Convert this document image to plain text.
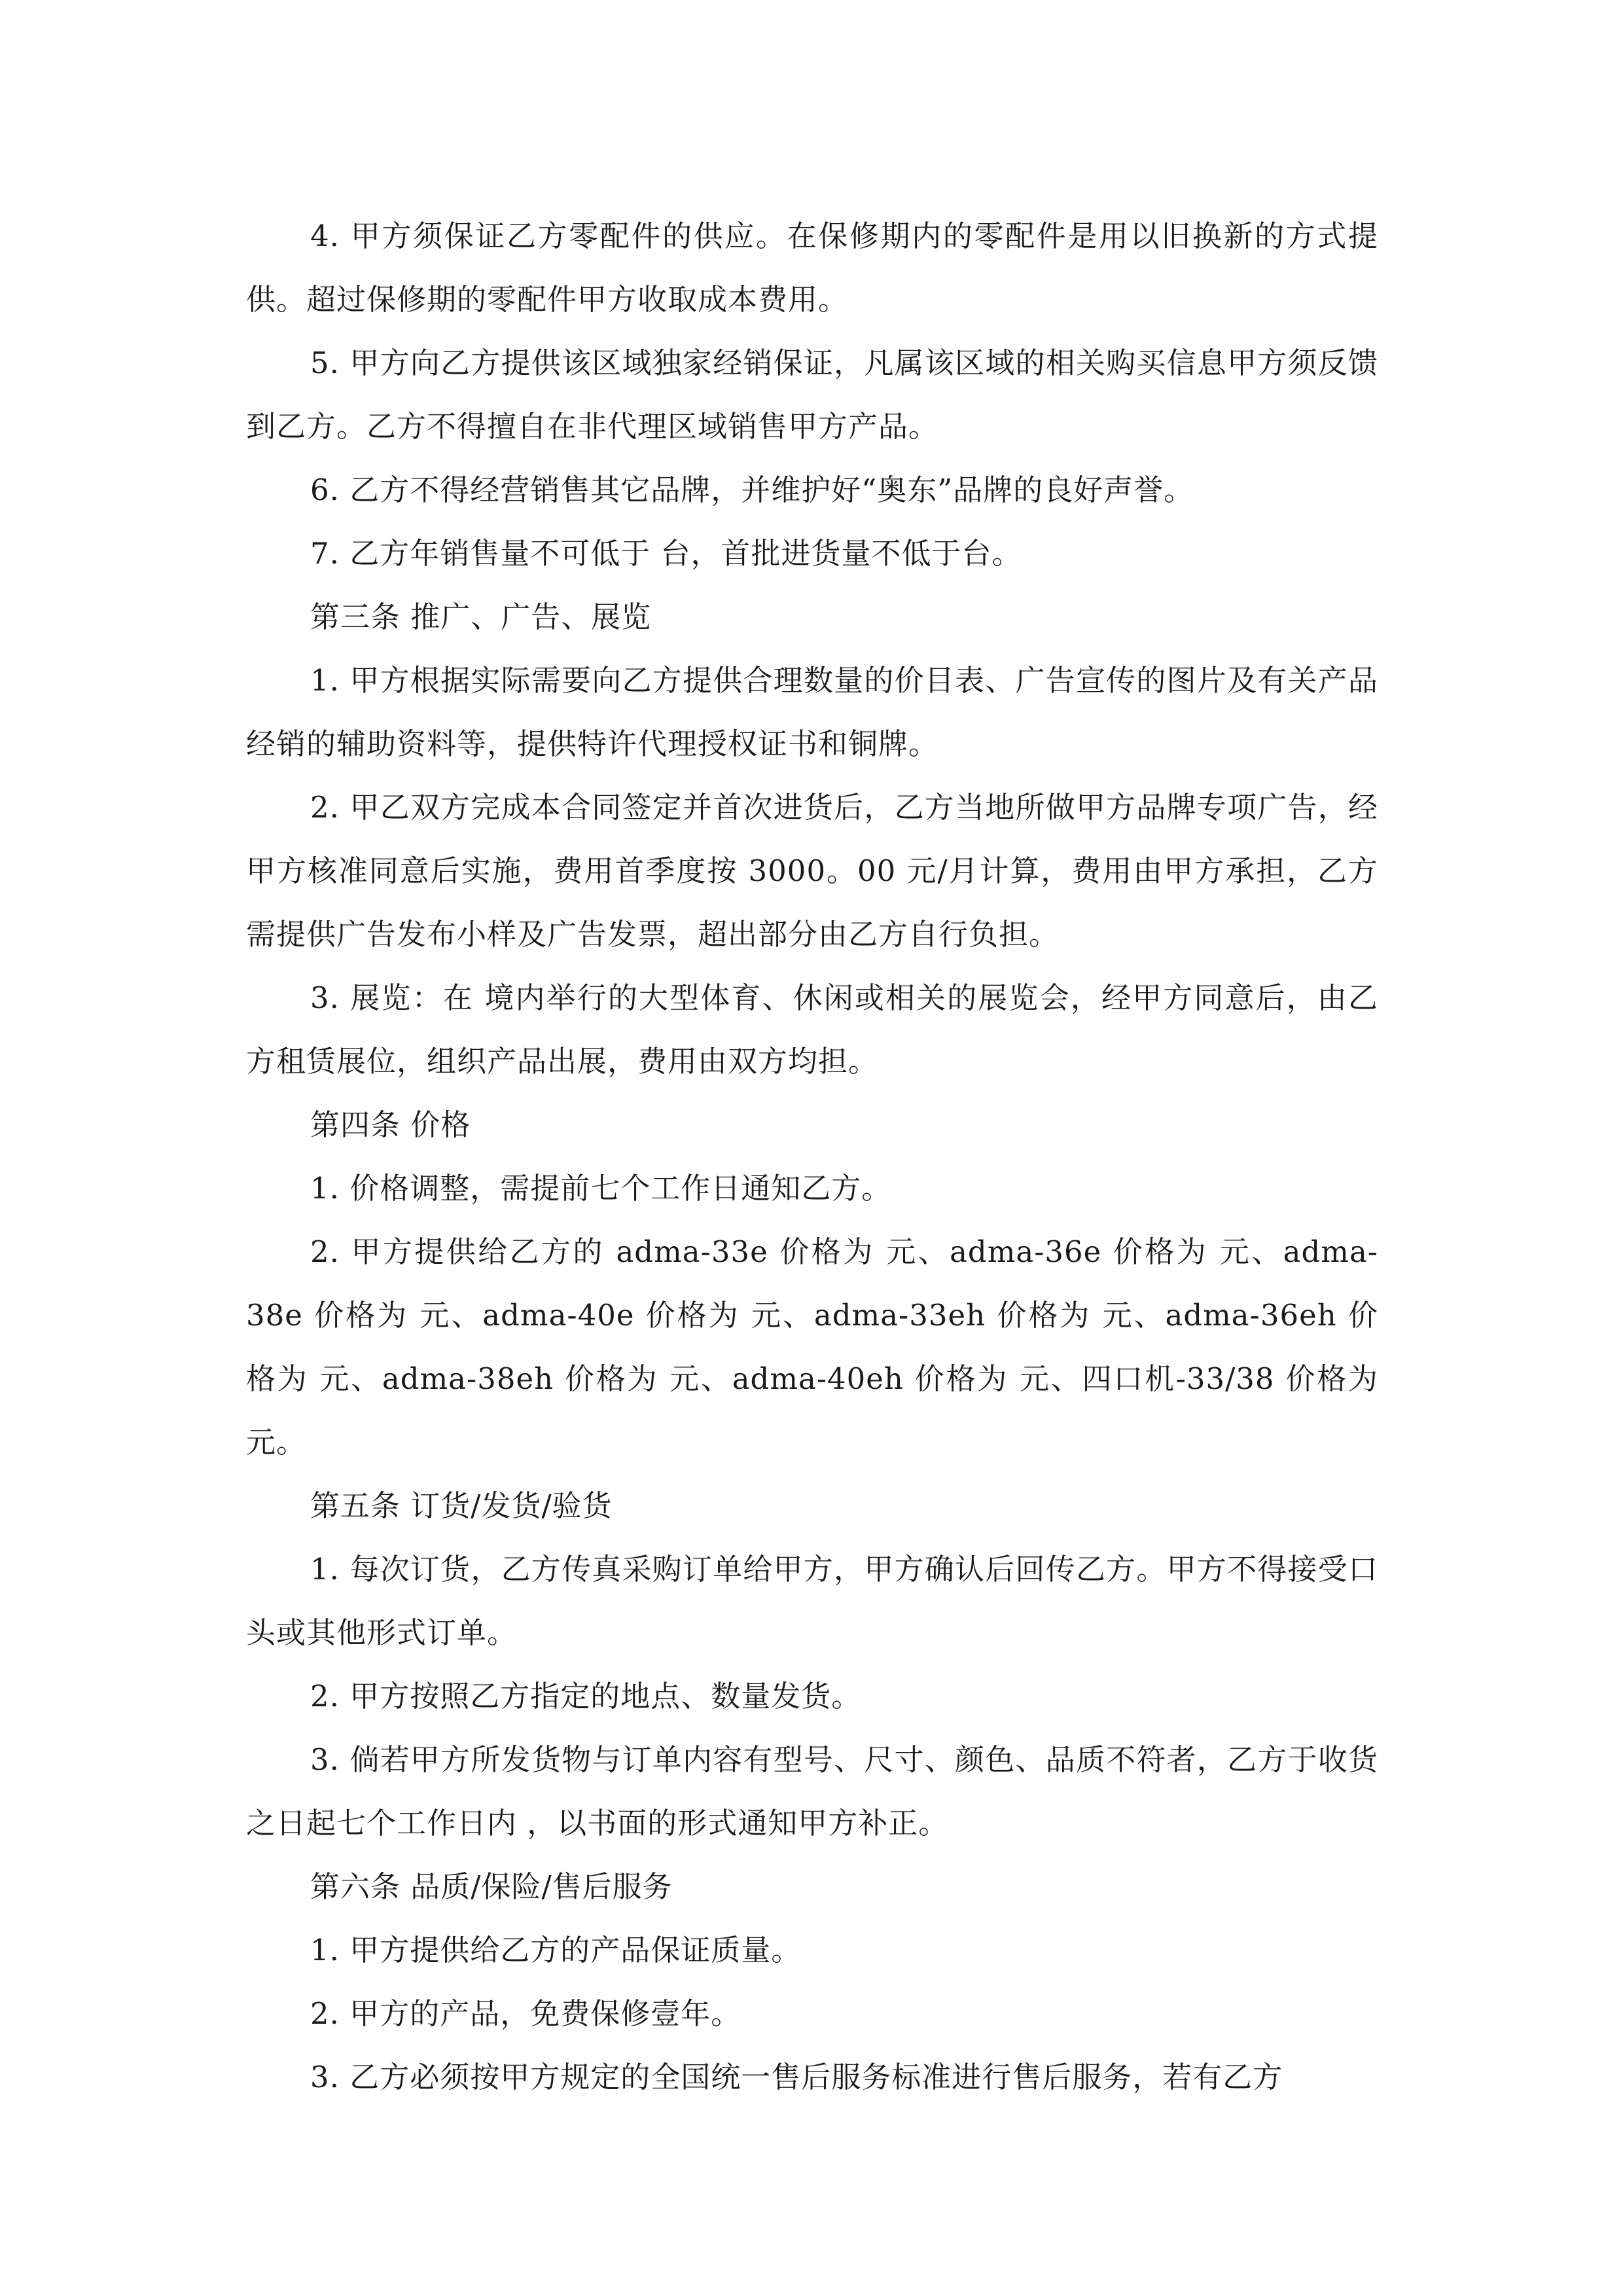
4. 甲方须保证乙方零配件的供应。在保修期内的零配件是用以旧换新的方式提供。超过保修期的零配件甲方收取成本费用。

5. 甲方向乙方提供该区域独家经销保证，凡属该区域的相关购买信息甲方须反馈到乙方。乙方不得擅自在非代理区域销售甲方产品。

6. 乙方不得经营销售其它品牌，并维护好“奥东”品牌的良好声誉。

7. 乙方年销售量不可低于 台，首批进货量不低于台。

第三条 推广、广告、展览

1. 甲方根据实际需要向乙方提供合理数量的价目表、广告宣传的图片及有关产品经销的辅助资料等，提供特许代理授权证书和铜牌。

2. 甲乙双方完成本合同签定并首次进货后，乙方当地所做甲方品牌专项广告，经甲方核准同意后实施，费用首季度按 3000。00 元/月计算，费用由甲方承担，乙方需提供广告发布小样及广告发票，超出部分由乙方自行负担。

3. 展览：在 境内举行的大型体育、休闲或相关的展览会，经甲方同意后，由乙方租赁展位，组织产品出展，费用由双方均担。

第四条 价格

1. 价格调整，需提前七个工作日通知乙方。

2. 甲方提供给乙方的 adma-33e 价格为 元、adma-36e 价格为 元、adma-38e 价格为 元、adma-40e 价格为 元、adma-33eh 价格为 元、adma-36eh 价格为 元、adma-38eh 价格为 元、adma-40eh 价格为 元、四口机-33/38 价格为 元。

第五条 订货/发货/验货

1. 每次订货，乙方传真采购订单给甲方，甲方确认后回传乙方。甲方不得接受口头或其他形式订单。

2. 甲方按照乙方指定的地点、数量发货。

3. 倘若甲方所发货物与订单内容有型号、尺寸、颜色、品质不符者，乙方于收货之日起七个工作日内 ，以书面的形式通知甲方补正。

第六条 品质/保险/售后服务

1. 甲方提供给乙方的产品保证质量。

2. 甲方的产品，免费保修壹年。

3. 乙方必须按甲方规定的全国统一售后服务标准进行售后服务，若有乙方
